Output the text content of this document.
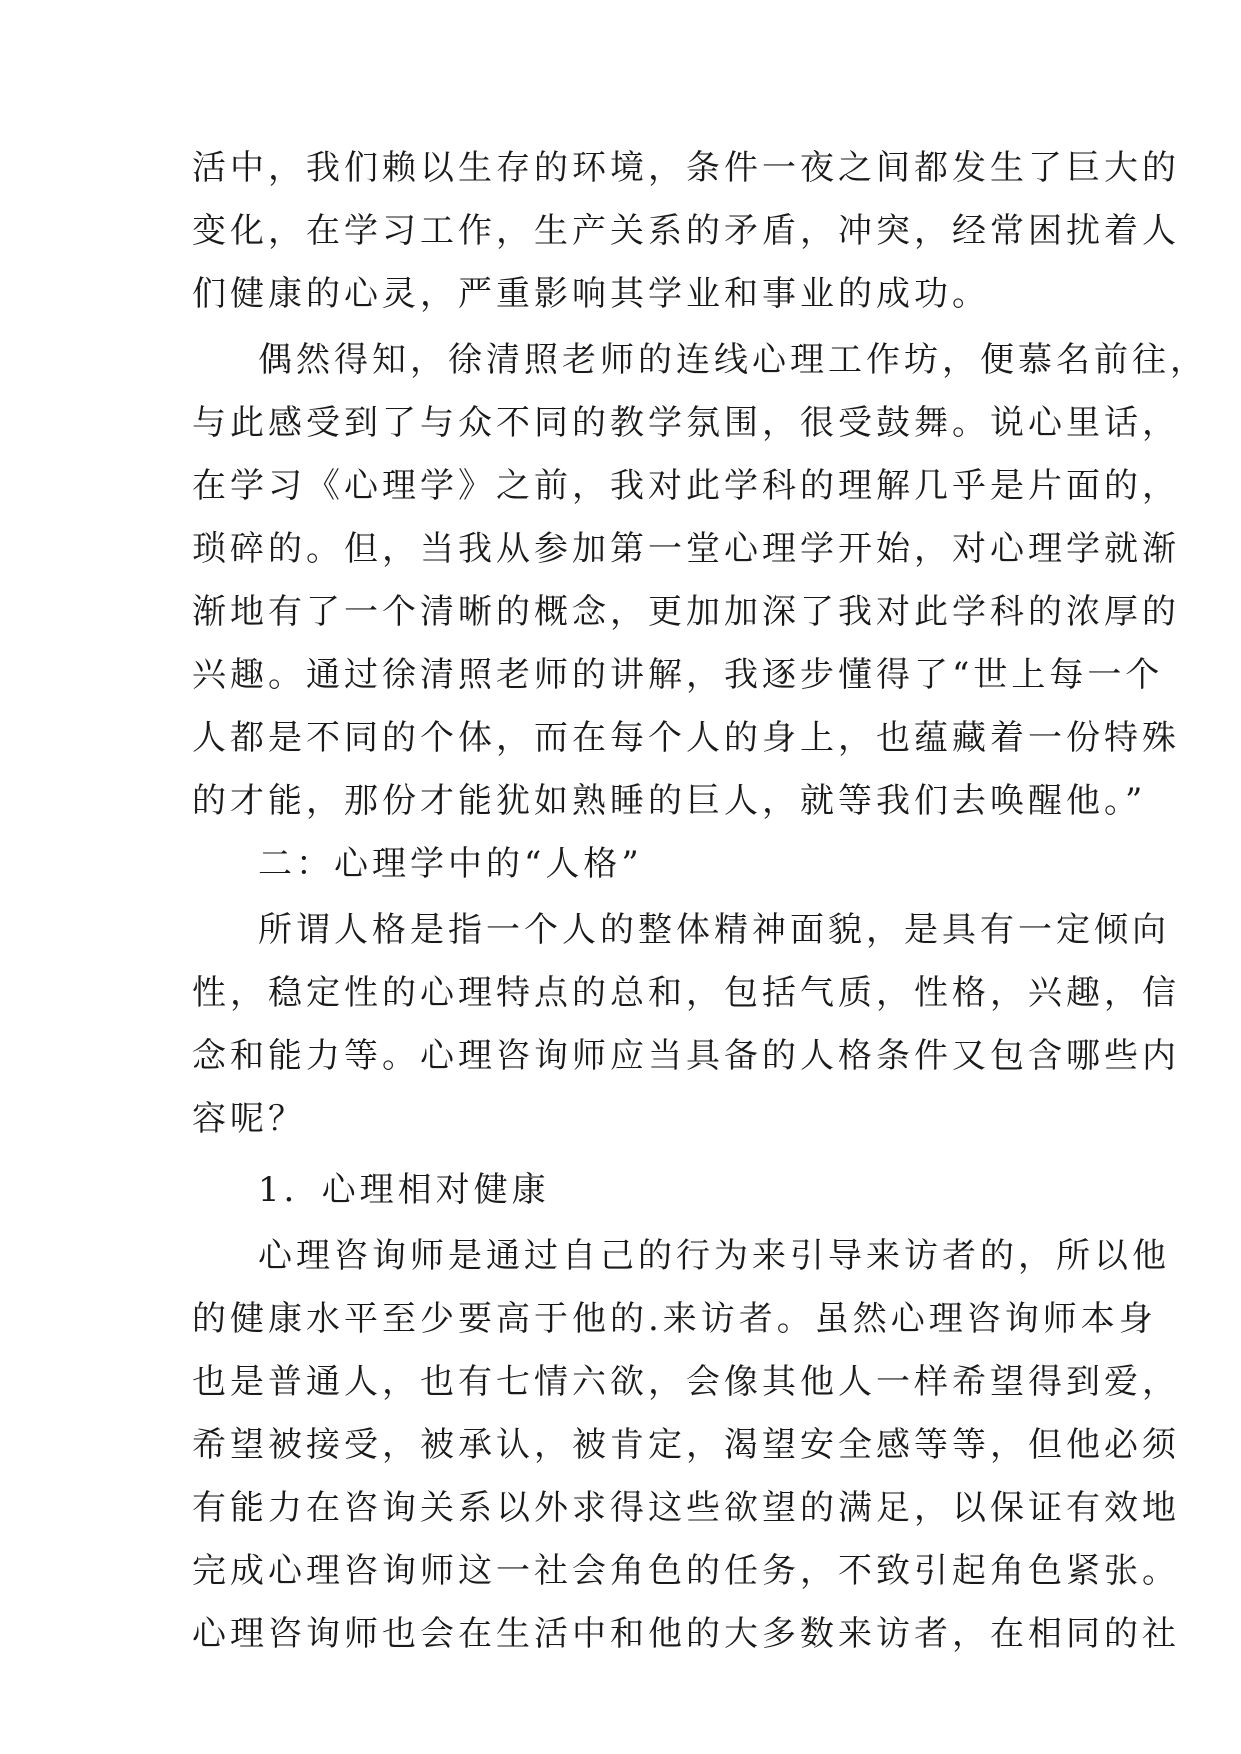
活中，我们赖以生存的环境，条件一夜之间都发生了巨大的
变化，在学习工作，生产关系的矛盾，冲突，经常困扰着人
们健康的心灵，严重影响其学业和事业的成功。
偶然得知，徐清照老师的连线心理工作坊，便慕名前往，
与此感受到了与众不同的教学氛围，很受鼓舞。说心里话，
在学习《心理学》之前，我对此学科的理解几乎是片面的，
琐碎的。但，当我从参加第一堂心理学开始，对心理学就渐
渐地有了一个清晰的概念，更加加深了我对此学科的浓厚的
兴趣。通过徐清照老师的讲解，我逐步懂得了“世上每一个
人都是不同的个体，而在每个人的身上，也蕴藏着一份特殊
的才能，那份才能犹如熟睡的巨人，就等我们去唤醒他。”
二：心理学中的“人格”
所谓人格是指一个人的整体精神面貌，是具有一定倾向
性，稳定性的心理特点的总和，包括气质，性格，兴趣，信
念和能力等。心理咨询师应当具备的人格条件又包含哪些内
容呢？
1．心理相对健康
心理咨询师是通过自己的行为来引导来访者的，所以他
的健康水平至少要高于他的.来访者。虽然心理咨询师本身
也是普通人，也有七情六欲，会像其他人一样希望得到爱，
希望被接受，被承认，被肯定，渴望安全感等等，但他必须
有能力在咨询关系以外求得这些欲望的满足，以保证有效地
完成心理咨询师这一社会角色的任务，不致引起角色紧张。
心理咨询师也会在生活中和他的大多数来访者，在相同的社
